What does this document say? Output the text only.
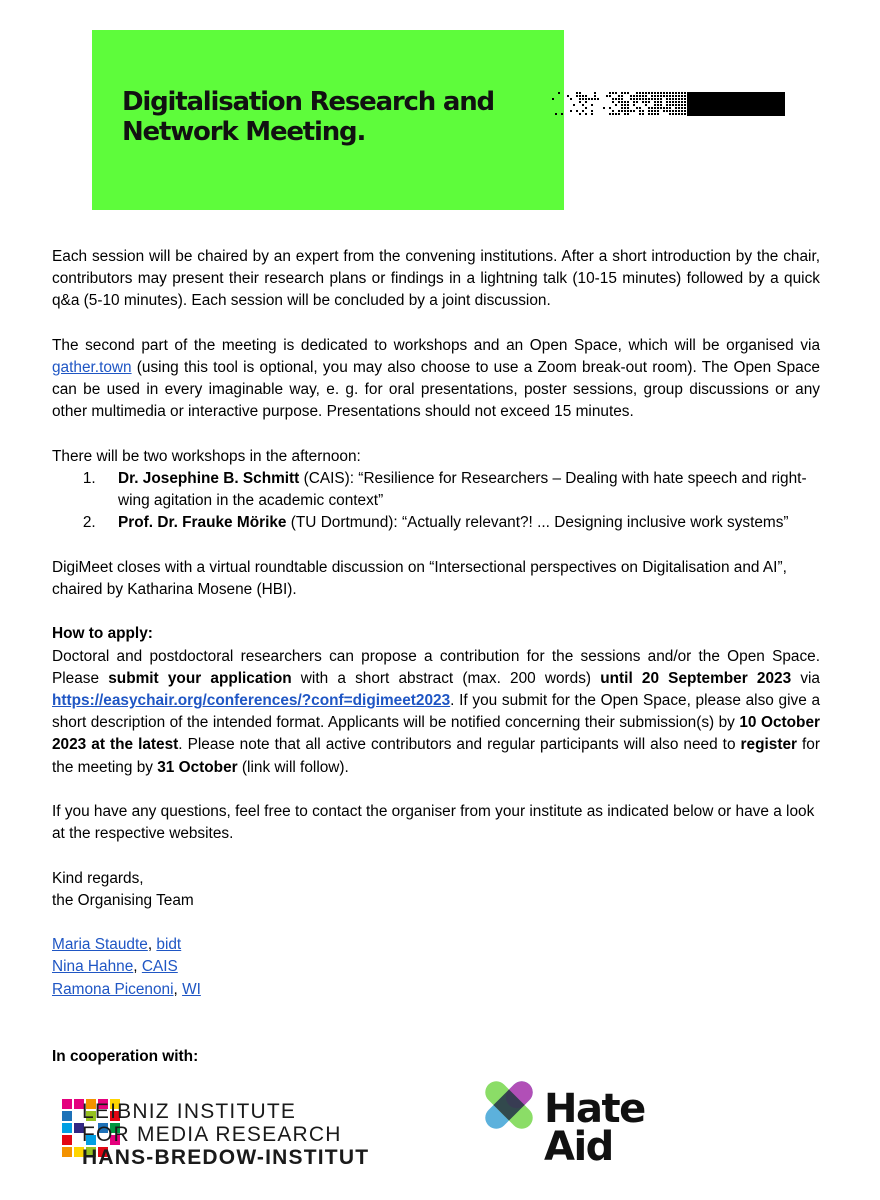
Digitalisation Research and
Network Meeting.

Each session will be chaired by an expert from the convening institutions. After a short introduction by the chair, contributors may present their research plans or findings in a lightning talk (10-15 minutes) followed by a quick q&a (5-10 minutes). Each session will be concluded by a joint discussion.

The second part of the meeting is dedicated to workshops and an Open Space, which will be organised via gather.town (using this tool is optional, you may also choose to use a Zoom break-out room). The Open Space can be used in every imaginable way, e. g. for oral presentations, poster sessions, group discussions or any other multimedia or interactive purpose. Presentations should not exceed 15 minutes.

There will be two workshops in the afternoon:
1. Dr. Josephine B. Schmitt (CAIS): “Resilience for Researchers – Dealing with hate speech and right-wing agitation in the academic context”
2. Prof. Dr. Frauke Mörike (TU Dortmund): “Actually relevant?! ... Designing inclusive work systems”

DigiMeet closes with a virtual roundtable discussion on “Intersectional perspectives on Digitalisation and AI”, chaired by Katharina Mosene (HBI).

How to apply:

Doctoral and postdoctoral researchers can propose a contribution for the sessions and/or the Open Space. Please submit your application with a short abstract (max. 200 words) until 20 September 2023 via https://easychair.org/conferences/?conf=digimeet2023. If you submit for the Open Space, please also give a short description of the intended format. Applicants will be notified concerning their submission(s) by 10 October 2023 at the latest. Please note that all active contributors and regular participants will also need to register for the meeting by 31 October (link will follow).

If you have any questions, feel free to contact the organiser from your institute as indicated below or have a look at the respective websites.

Kind regards,
the Organising Team

Maria Staudte, bidt
Nina Hahne, CAIS
Ramona Picenoni, WI
In cooperation with:
LEIBNIZ INSTITUTE
FOR MEDIA RESEARCH
HANS-BREDOW-INSTITUT
Hate
Aid
